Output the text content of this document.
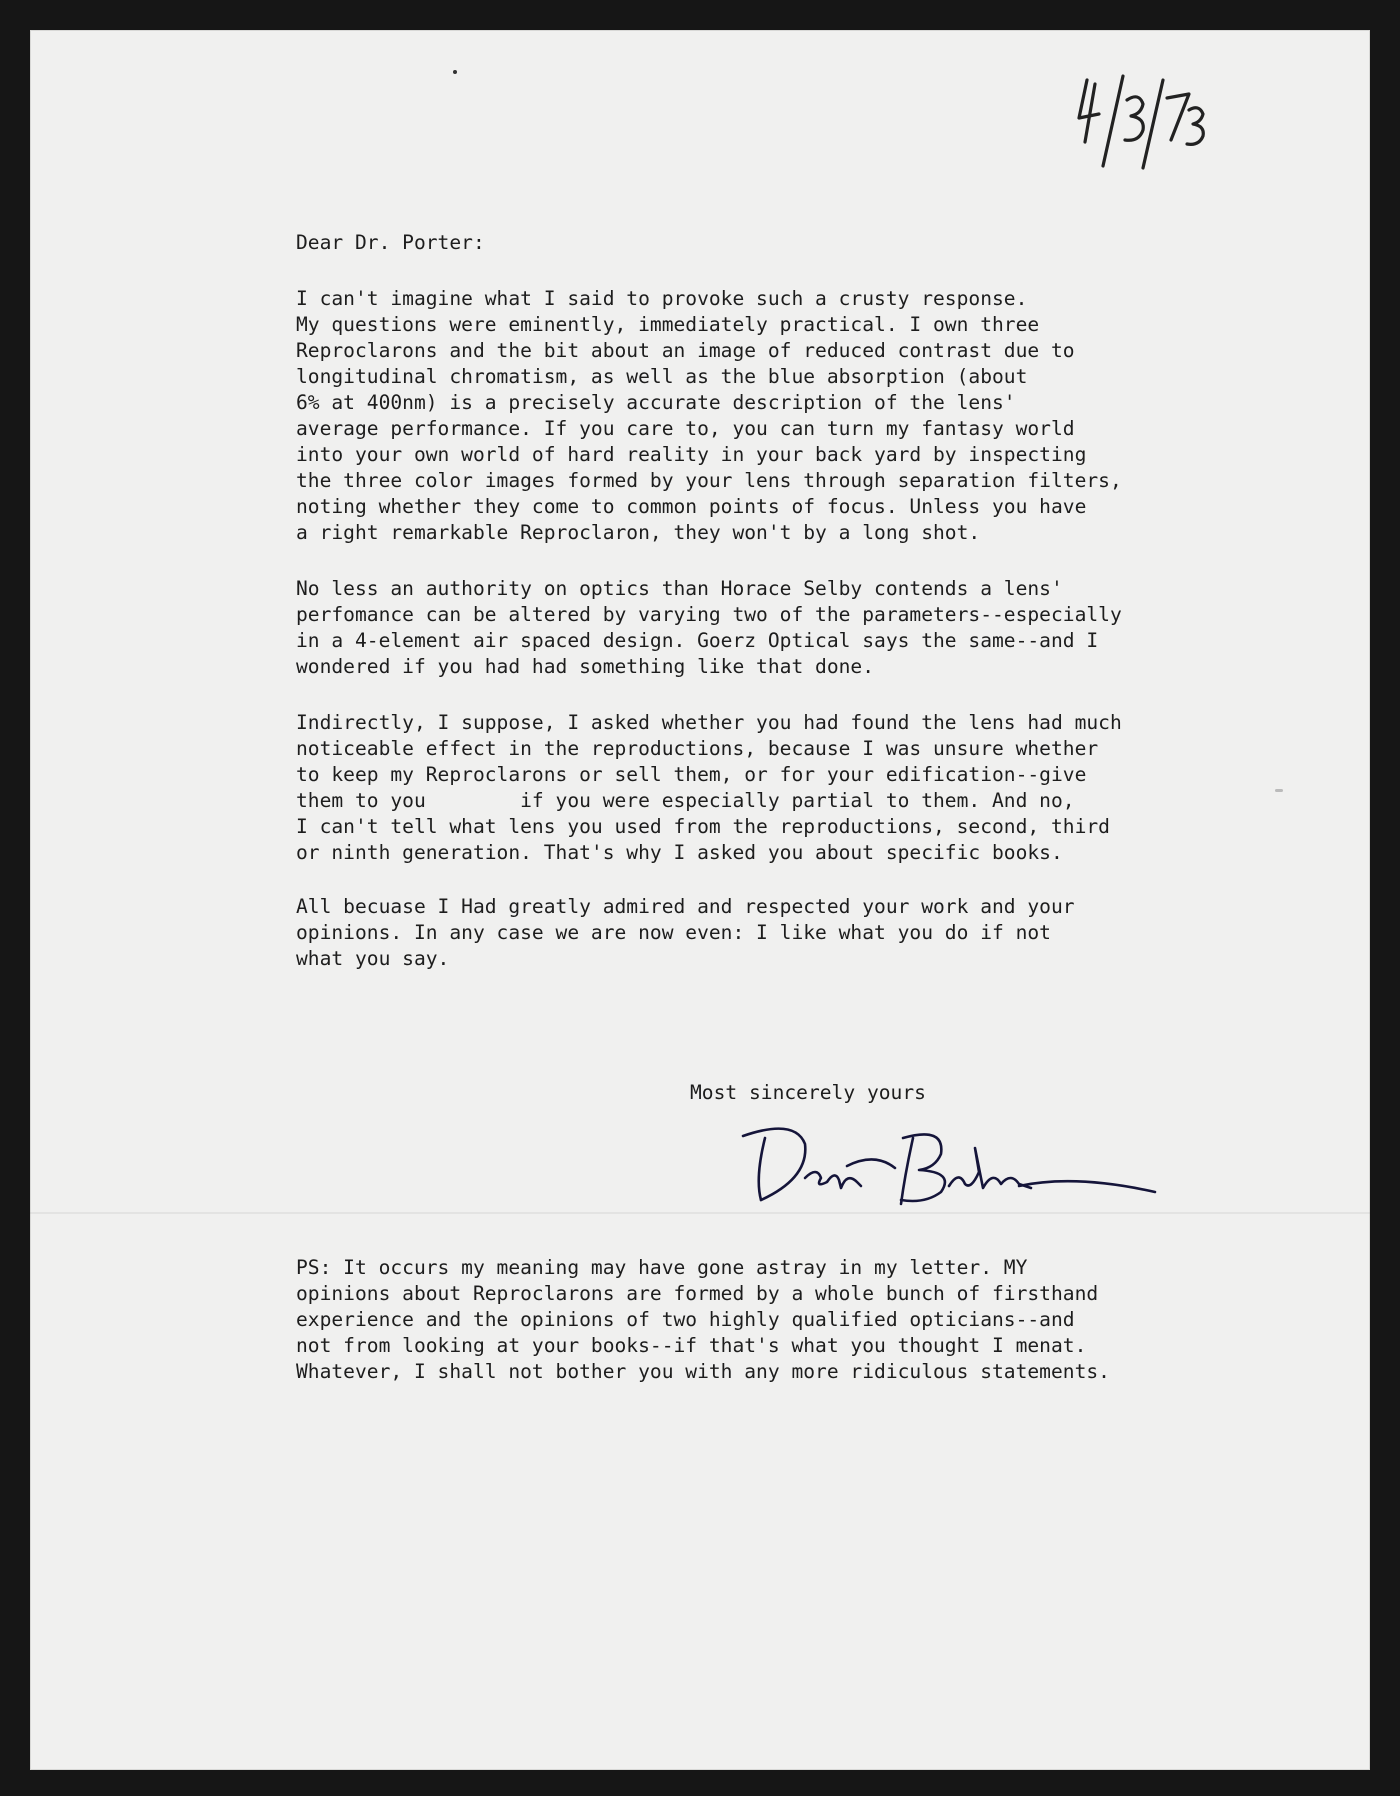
Dear Dr. Porter:

I can't imagine what I said to provoke such a crusty response.
My questions were eminently, immediately practical. I own three
Reproclarons and the bit about an image of reduced contrast due to
longitudinal chromatism, as well as the blue absorption (about
6% at 400nm) is a precisely accurate description of the lens'
average performance. If you care to, you can turn my fantasy world
into your own world of hard reality in your back yard by inspecting
the three color images formed by your lens through separation filters,
noting whether they come to common points of focus. Unless you have
a right remarkable Reproclaron, they won't by a long shot.

No less an authority on optics than Horace Selby contends a lens'
perfomance can be altered by varying two of the parameters--especially
in a 4-element air spaced design. Goerz Optical says the same--and I
wondered if you had had something like that done.

Indirectly, I suppose, I asked whether you had found the lens had much
noticeable effect in the reproductions, because I was unsure whether
to keep my Reproclarons or sell them, or for your edification--give
them to you        if you were especially partial to them. And no,
I can't tell what lens you used from the reproductions, second, third
or ninth generation. That's why I asked you about specific books.

All becuase I Had greatly admired and respected your work and your
opinions. In any case we are now even: I like what you do if not
what you say.

Most sincerely yours

PS: It occurs my meaning may have gone astray in my letter. MY
opinions about Reproclarons are formed by a whole bunch of firsthand
experience and the opinions of two highly qualified opticians--and
not from looking at your books--if that's what you thought I menat.
Whatever, I shall not bother you with any more ridiculous statements.
